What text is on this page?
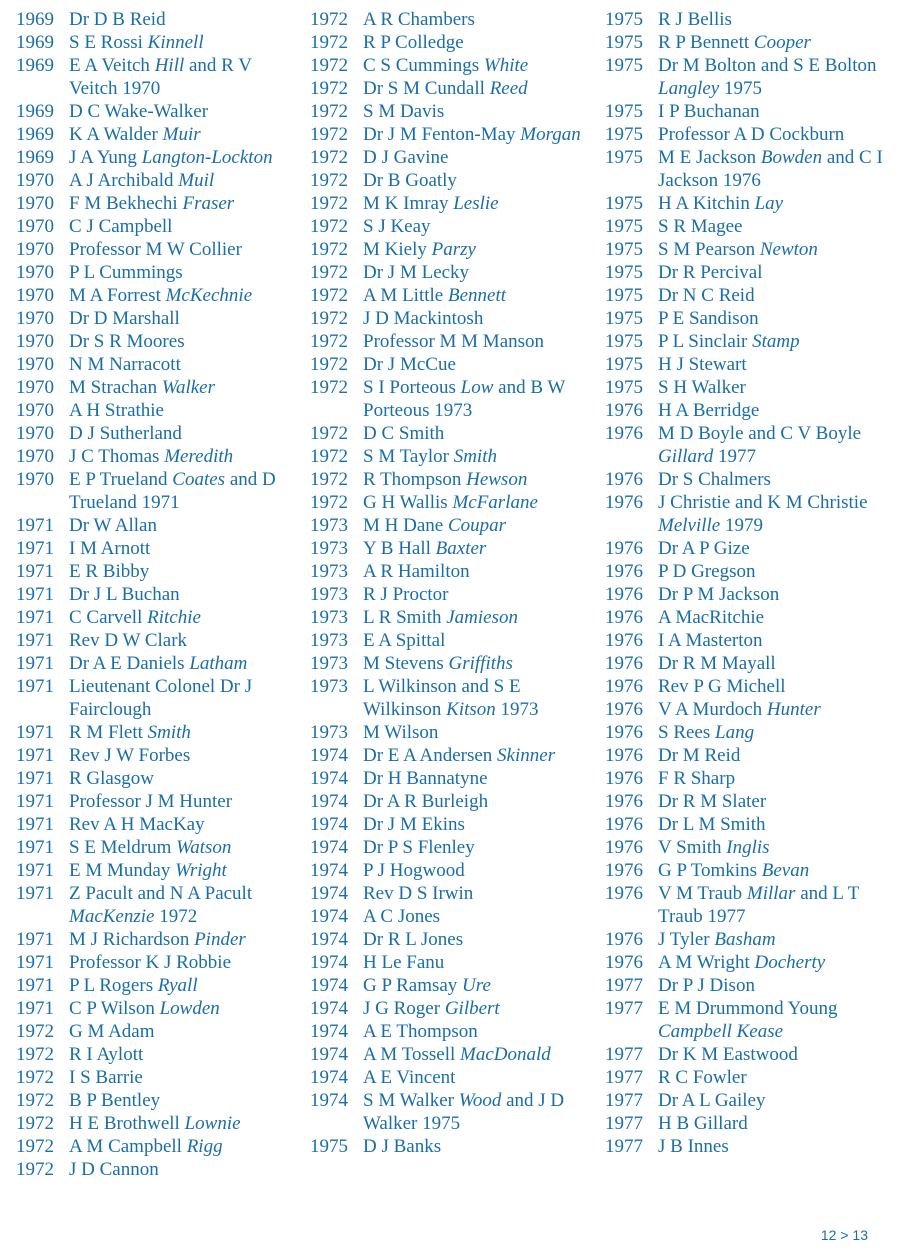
1969 Dr D B Reid
1969 S E Rossi Kinnell
1969 E A Veitch Hill and R V Veitch 1970
1969 D C Wake-Walker
1969 K A Walder Muir
1969 J A Yung Langton-Lockton
1970 A J Archibald Muil
1970 F M Bekhechi Fraser
1970 C J Campbell
1970 Professor M W Collier
1970 P L Cummings
1970 M A Forrest McKechnie
1970 Dr D Marshall
1970 Dr S R Moores
1970 N M Narracott
1970 M Strachan Walker
1970 A H Strathie
1970 D J Sutherland
1970 J C Thomas Meredith
1970 E P Trueland Coates and D Trueland 1971
1971 Dr W Allan
1971 I M Arnott
1971 E R Bibby
1971 Dr J L Buchan
1971 C Carvell Ritchie
1971 Rev D W Clark
1971 Dr A E Daniels Latham
1971 Lieutenant Colonel Dr J Fairclough
1971 R M Flett Smith
1971 Rev J W Forbes
1971 R Glasgow
1971 Professor J M Hunter
1971 Rev A H MacKay
1971 S E Meldrum Watson
1971 E M Munday Wright
1971 Z Pacult and N A Pacult MacKenzie 1972
1971 M J Richardson Pinder
1971 Professor K J Robbie
1971 P L Rogers Ryall
1971 C P Wilson Lowden
1972 G M Adam
1972 R I Aylott
1972 I S Barrie
1972 B P Bentley
1972 H E Brothwell Lownie
1972 A M Campbell Rigg
1972 J D Cannon
1972 A R Chambers
1972 R P Colledge
1972 C S Cummings White
1972 Dr S M Cundall Reed
1972 S M Davis
1972 Dr J M Fenton-May Morgan
1972 D J Gavine
1972 Dr B Goatly
1972 M K Imray Leslie
1972 S J Keay
1972 M Kiely Parzy
1972 Dr J M Lecky
1972 A M Little Bennett
1972 J D Mackintosh
1972 Professor M M Manson
1972 Dr J McCue
1972 S I Porteous Low and B W Porteous 1973
1972 D C Smith
1972 S M Taylor Smith
1972 R Thompson Hewson
1972 G H Wallis McFarlane
1973 M H Dane Coupar
1973 Y B Hall Baxter
1973 A R Hamilton
1973 R J Proctor
1973 L R Smith Jamieson
1973 E A Spittal
1973 M Stevens Griffiths
1973 L Wilkinson and S E Wilkinson Kitson 1973
1973 M Wilson
1974 Dr E A Andersen Skinner
1974 Dr H Bannatyne
1974 Dr A R Burleigh
1974 Dr J M Ekins
1974 Dr P S Flenley
1974 P J Hogwood
1974 Rev D S Irwin
1974 A C Jones
1974 Dr R L Jones
1974 H Le Fanu
1974 G P Ramsay Ure
1974 J G Roger Gilbert
1974 A E Thompson
1974 A M Tossell MacDonald
1974 A E Vincent
1974 S M Walker Wood and J D Walker 1975
1975 D J Banks
1975 R J Bellis
1975 R P Bennett Cooper
1975 Dr M Bolton and S E Bolton Langley 1975
1975 I P Buchanan
1975 Professor A D Cockburn
1975 M E Jackson Bowden and C I Jackson 1976
1975 H A Kitchin Lay
1975 S R Magee
1975 S M Pearson Newton
1975 Dr R Percival
1975 Dr N C Reid
1975 P E Sandison
1975 P L Sinclair Stamp
1975 H J Stewart
1975 S H Walker
1976 H A Berridge
1976 M D Boyle and C V Boyle Gillard 1977
1976 Dr S Chalmers
1976 J Christie and K M Christie Melville 1979
1976 Dr A P Gize
1976 P D Gregson
1976 Dr P M Jackson
1976 A MacRitchie
1976 I A Masterton
1976 Dr R M Mayall
1976 Rev P G Michell
1976 V A Murdoch Hunter
1976 S Rees Lang
1976 Dr M Reid
1976 F R Sharp
1976 Dr R M Slater
1976 Dr L M Smith
1976 V Smith Inglis
1976 G P Tomkins Bevan
1976 V M Traub Millar and L T Traub 1977
1976 J Tyler Basham
1976 A M Wright Docherty
1977 Dr P J Dison
1977 E M Drummond Young Campbell Kease
1977 Dr K M Eastwood
1977 R C Fowler
1977 Dr A L Gailey
1977 H B Gillard
1977 J B Innes
12 > 13
